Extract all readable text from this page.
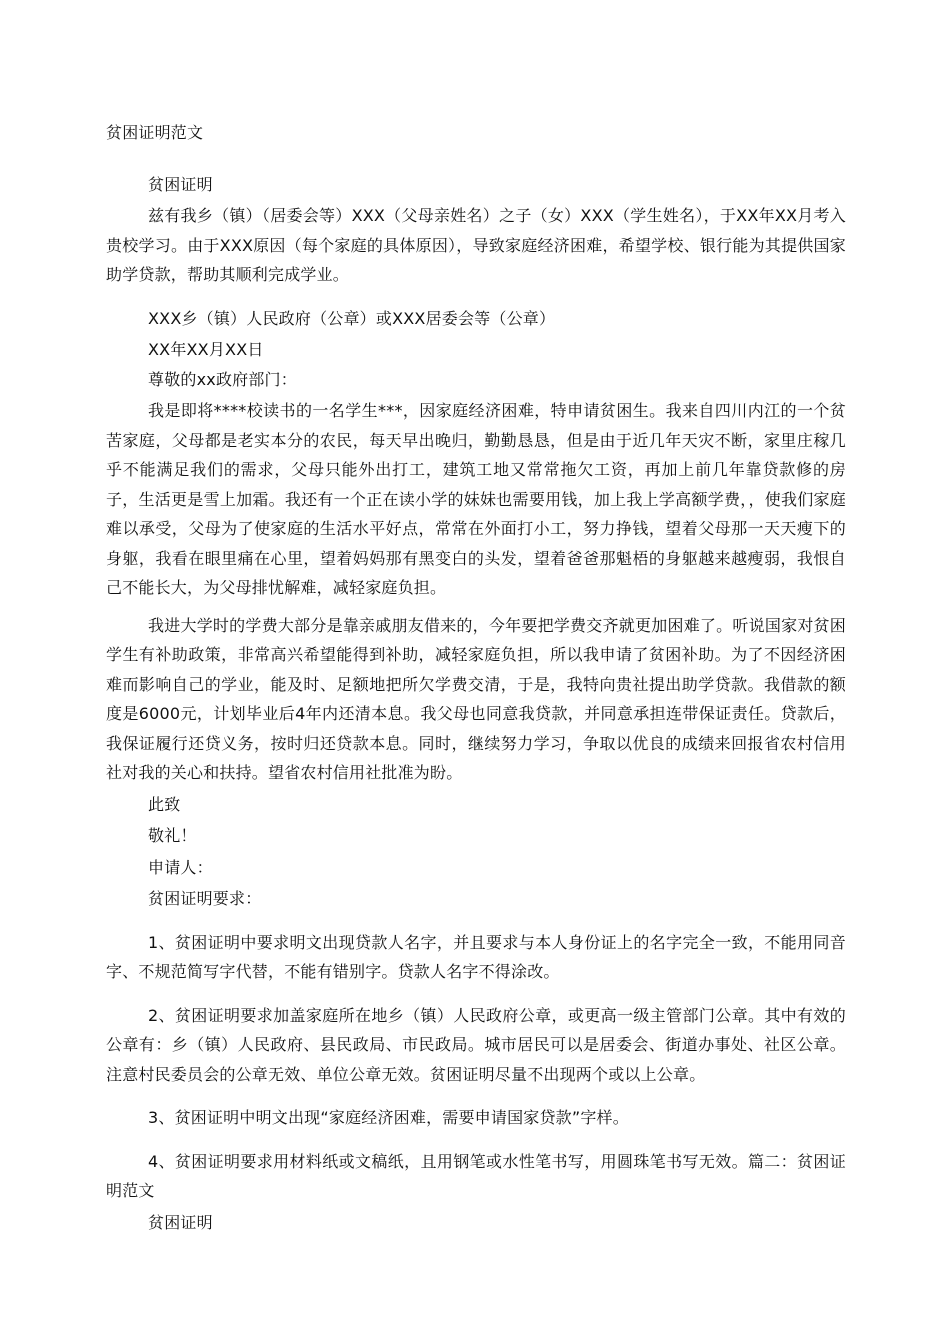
贫困证明范文

贫困证明

兹有我乡（镇）（居委会等）XXX（父母亲姓名）之子（女）XXX（学生姓名），于XX年XX月考入贵校学习。由于XXX原因（每个家庭的具体原因），导致家庭经济困难，希望学校、银行能为其提供国家助学贷款，帮助其顺利完成学业。

XXX乡（镇）人民政府（公章）或XXX居委会等（公章）

XX年XX月XX日

尊敬的xx政府部门：

我是即将****校读书的一名学生***，因家庭经济困难，特申请贫困生。我来自四川内江的一个贫苦家庭，父母都是老实本分的农民，每天早出晚归，勤勤恳恳，但是由于近几年天灾不断，家里庄稼几乎不能满足我们的需求，父母只能外出打工，建筑工地又常常拖欠工资，再加上前几年靠贷款修的房子，生活更是雪上加霜。我还有一个正在读小学的妹妹也需要用钱，加上我上学高额学费，，使我们家庭难以承受，父母为了使家庭的生活水平好点，常常在外面打小工，努力挣钱，望着父母那一天天瘦下的身躯，我看在眼里痛在心里，望着妈妈那有黑变白的头发，望着爸爸那魁梧的身躯越来越瘦弱，我恨自己不能长大，为父母排忧解难，减轻家庭负担。

我进大学时的学费大部分是靠亲戚朋友借来的，今年要把学费交齐就更加困难了。听说国家对贫困学生有补助政策，非常高兴希望能得到补助，减轻家庭负担，所以我申请了贫困补助。为了不因经济困难而影响自己的学业，能及时、足额地把所欠学费交清，于是，我特向贵社提出助学贷款。我借款的额度是6000元，计划毕业后4年内还清本息。我父母也同意我贷款，并同意承担连带保证责任。贷款后，我保证履行还贷义务，按时归还贷款本息。同时，继续努力学习，争取以优良的成绩来回报省农村信用社对我的关心和扶持。望省农村信用社批准为盼。

此致

敬礼！

申请人：

贫困证明要求：

1、贫困证明中要求明文出现贷款人名字，并且要求与本人身份证上的名字完全一致，不能用同音字、不规范简写字代替，不能有错别字。贷款人名字不得涂改。

2、贫困证明要求加盖家庭所在地乡（镇）人民政府公章，或更高一级主管部门公章。其中有效的公章有：乡（镇）人民政府、县民政局、市民政局。城市居民可以是居委会、街道办事处、社区公章。注意村民委员会的公章无效、单位公章无效。贫困证明尽量不出现两个或以上公章。

3、贫困证明中明文出现“家庭经济困难，需要申请国家贷款”字样。

4、贫困证明要求用材料纸或文稿纸，且用钢笔或水性笔书写，用圆珠笔书写无效。篇二：贫困证明范文

贫困证明
